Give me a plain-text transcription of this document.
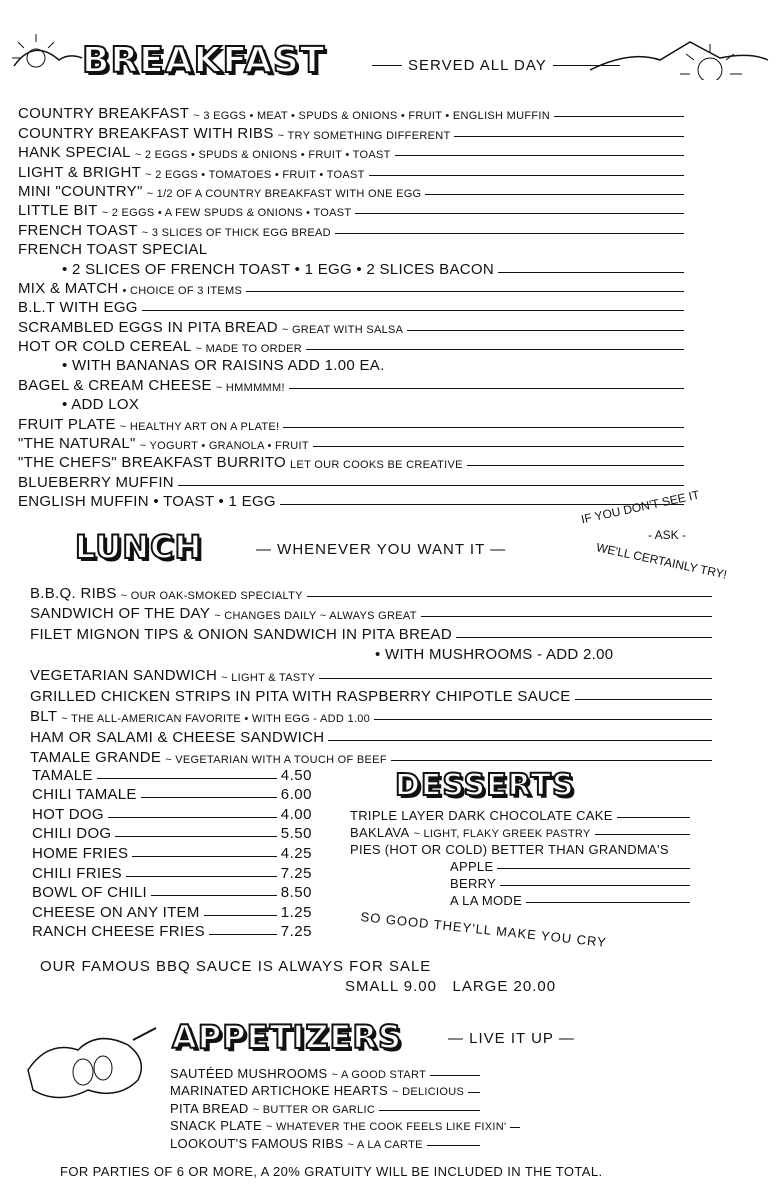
BREAKFAST	SERVED ALL DAY
COUNTRY BREAKFAST ~ 3 EGGS • MEAT • SPUDS & ONIONS • FRUIT • ENGLISH MUFFIN
COUNTRY BREAKFAST WITH RIBS ~ TRY SOMETHING DIFFERENT
HANK SPECIAL ~ 2 EGGS • SPUDS & ONIONS • FRUIT • TOAST
LIGHT & BRIGHT ~ 2 EGGS • TOMATOES • FRUIT • TOAST
MINI "COUNTRY" ~ 1/2 OF A COUNTRY BREAKFAST WITH ONE EGG
LITTLE BIT ~ 2 EGGS • A FEW SPUDS & ONIONS • TOAST
FRENCH TOAST ~ 3 SLICES OF THICK EGG BREAD
FRENCH TOAST SPECIAL
• 2 SLICES OF FRENCH TOAST • 1 EGG • 2 SLICES BACON
MIX & MATCH • CHOICE OF 3 ITEMS
B.L.T WITH EGG
SCRAMBLED EGGS IN PITA BREAD ~ GREAT WITH SALSA
HOT OR COLD CEREAL ~ MADE TO ORDER
• WITH BANANAS OR RAISINS ADD 1.00 EA.
BAGEL & CREAM CHEESE ~ HMMMMM!
• ADD LOX
FRUIT PLATE ~ HEALTHY ART ON A PLATE!
"THE NATURAL" ~ YOGURT • GRANOLA • FRUIT
"THE CHEFS" BREAKFAST BURRITO LET OUR COOKS BE CREATIVE
BLUEBERRY MUFFIN
ENGLISH MUFFIN • TOAST • 1 EGG
LUNCH	— WHENEVER YOU WANT IT —
IF YOU DON'T SEE IT
- ASK -
WE'LL CERTAINLY TRY!
B.B.Q. RIBS ~ OUR OAK-SMOKED SPECIALTY
SANDWICH OF THE DAY ~ CHANGES DAILY ~ ALWAYS GREAT
FILET MIGNON TIPS & ONION SANDWICH IN PITA BREAD
• WITH MUSHROOMS - ADD 2.00
VEGETARIAN SANDWICH ~ LIGHT & TASTY
GRILLED CHICKEN STRIPS IN PITA WITH RASPBERRY CHIPOTLE SAUCE
BLT ~ THE ALL-AMERICAN FAVORITE • WITH EGG - ADD 1.00
HAM OR SALAMI & CHEESE SANDWICH
TAMALE GRANDE ~ VEGETARIAN WITH A TOUCH OF BEEF
TAMALE	4.50
CHILI TAMALE	6.00
HOT DOG	4.00
CHILI DOG	5.50
HOME FRIES	4.25
CHILI FRIES	7.25
BOWL OF CHILI	8.50
CHEESE ON ANY ITEM	1.25
RANCH CHEESE FRIES	7.25
DESSERTS
TRIPLE LAYER DARK CHOCOLATE CAKE
BAKLAVA ~ LIGHT, FLAKY GREEK PASTRY
PIES (HOT OR COLD) BETTER THAN GRANDMA'S
APPLE
BERRY
A LA MODE
SO GOOD THEY'LL MAKE YOU CRY
OUR FAMOUS BBQ SAUCE IS ALWAYS FOR SALE
SMALL 9.00   LARGE 20.00
APPETIZERS	— LIVE IT UP —
SAUTÉED MUSHROOMS ~ A GOOD START
MARINATED ARTICHOKE HEARTS ~ DELICIOUS
PITA BREAD ~ BUTTER OR GARLIC
SNACK PLATE ~ WHATEVER THE COOK FEELS LIKE FIXIN'
LOOKOUT'S FAMOUS RIBS ~ A LA CARTE
FOR PARTIES OF 6 OR MORE, A 20% GRATUITY WILL BE INCLUDED IN THE TOTAL.
